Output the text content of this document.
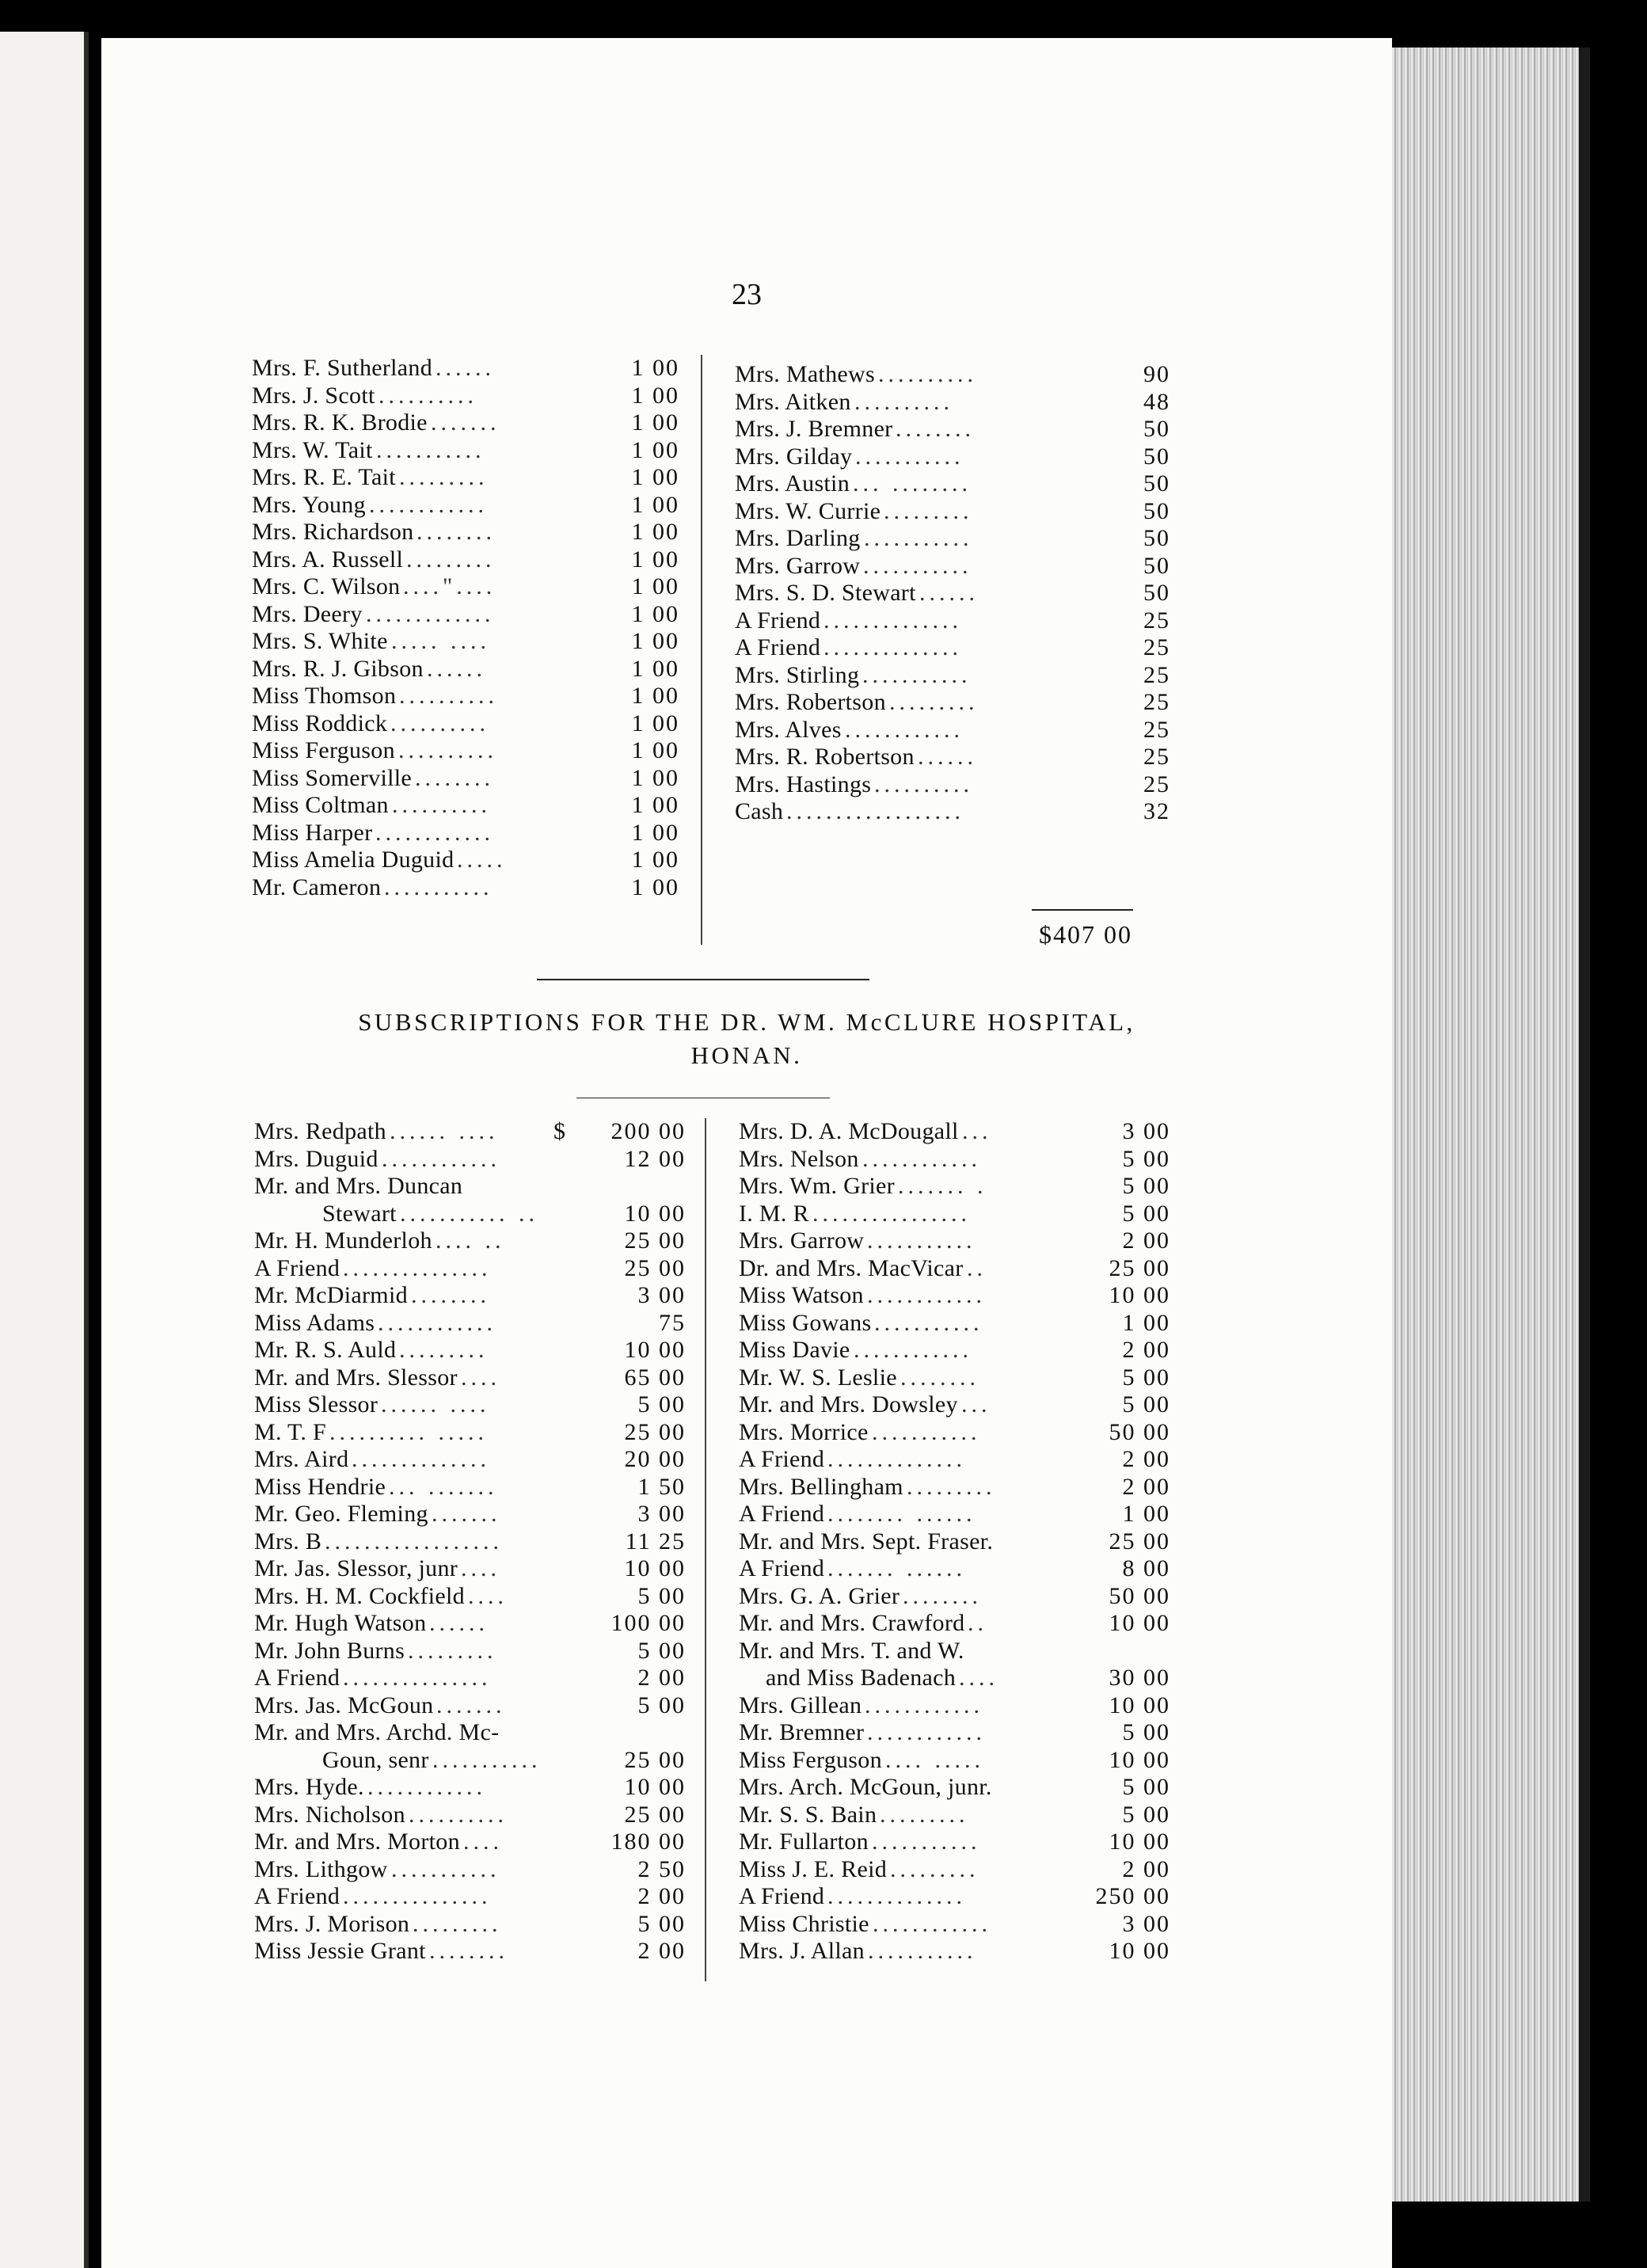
23
Mrs. F. Sutherland ......	1 00
Mrs. J. Scott ..........	1 00
Mrs. R. K. Brodie .......	1 00
Mrs. W. Tait ...........	1 00
Mrs. R. E. Tait .........	1 00
Mrs. Young ............	1 00
Mrs. Richardson ........	1 00
Mrs. A. Russell .........	1 00
Mrs. C. Wilson ...."....	1 00
Mrs. Deery .............	1 00
Mrs. S. White ..... ....	1 00
Mrs. R. J. Gibson ......	1 00
Miss Thomson ..........	1 00
Miss Roddick ..........	1 00
Miss Ferguson ..........	1 00
Miss Somerville ........	1 00
Miss Coltman ..........	1 00
Miss Harper ............	1 00
Miss Amelia Duguid .....	1 00
Mr. Cameron ...........	1 00
Mrs. Mathews ..........	90
Mrs. Aitken ..........	48
Mrs. J. Bremner ........	50
Mrs. Gilday ...........	50
Mrs. Austin ... ........	50
Mrs. W. Currie .........	50
Mrs. Darling ...........	50
Mrs. Garrow ...........	50
Mrs. S. D. Stewart ......	50
A Friend ..............	25
A Friend ..............	25
Mrs. Stirling ...........	25
Mrs. Robertson .........	25
Mrs. Alves ............	25
Mrs. R. Robertson ......	25
Mrs. Hastings ..........	25
Cash ..................	32
$407 00
SUBSCRIPTIONS FOR THE DR. WM. McCLURE HOSPITAL,
HONAN.
Mrs. Redpath ...... ....	$	200 00
Mrs. Duguid ............	12 00
Mr. and Mrs. Duncan
Stewart ........... ..	10 00
Mr. H. Munderloh .... ..	25 00
A Friend ...............	25 00
Mr. McDiarmid ........	3 00
Miss Adams ............	75
Mr. R. S. Auld .........	10 00
Mr. and Mrs. Slessor ....	65 00
Miss Slessor ...... ....	5 00
M. T. F .......... .....	25 00
Mrs. Aird ..............	20 00
Miss Hendrie ... .......	1 50
Mr. Geo. Fleming .......	3 00
Mrs. B ..................	11 25
Mr. Jas. Slessor, junr ....	10 00
Mrs. H. M. Cockfield ....	5 00
Mr. Hugh Watson ......	100 00
Mr. John Burns .........	5 00
A Friend ...............	2 00
Mrs. Jas. McGoun .......	5 00
Mr. and Mrs. Archd. Mc-
Goun, senr ...........	25 00
Mrs. Hyde. ............	10 00
Mrs. Nicholson ..........	25 00
Mr. and Mrs. Morton ....	180 00
Mrs. Lithgow ...........	2 50
A Friend ...............	2 00
Mrs. J. Morison .........	5 00
Miss Jessie Grant ........	2 00
Mrs. D. A. McDougall ...	3 00
Mrs. Nelson ............	5 00
Mrs. Wm. Grier ....... .	5 00
I. M. R ................	5 00
Mrs. Garrow ...........	2 00
Dr. and Mrs. MacVicar ..	25 00
Miss Watson ............	10 00
Miss Gowans ...........	1 00
Miss Davie ............	2 00
Mr. W. S. Leslie ........	5 00
Mr. and Mrs. Dowsley ...	5 00
Mrs. Morrice ...........	50 00
A Friend ..............	2 00
Mrs. Bellingham .........	2 00
A Friend ........ ......	1 00
Mr. and Mrs. Sept. Fraser.	25 00
A Friend ....... ......	8 00
Mrs. G. A. Grier ........	50 00
Mr. and Mrs. Crawford ..	10 00
Mr. and Mrs. T. and W.
and Miss Badenach ....	30 00
Mrs. Gillean ............	10 00
Mr. Bremner ............	5 00
Miss Ferguson .... .....	10 00
Mrs. Arch. McGoun, junr.	5 00
Mr. S. S. Bain .........	5 00
Mr. Fullarton ...........	10 00
Miss J. E. Reid .........	2 00
A Friend ..............	250 00
Miss Christie ............	3 00
Mrs. J. Allan ...........	10 00
